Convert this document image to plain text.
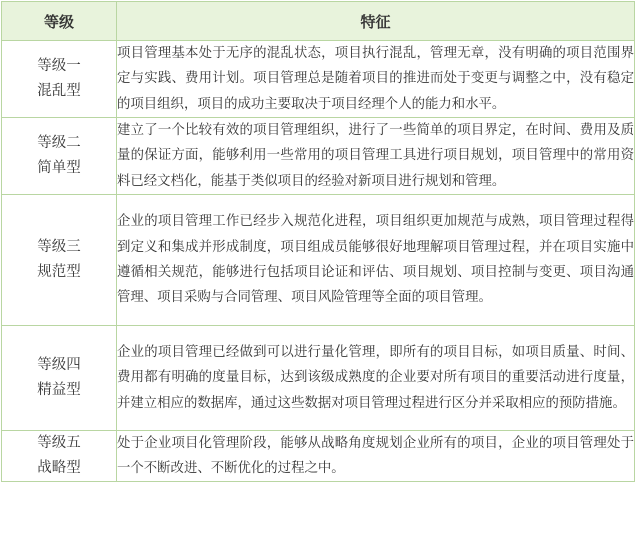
等级	特征

等级一
混乱型	项目管理基本处于无序的混乱状态，项目执行混乱，管理无章，没有明确的项目范围界定与实践、费用计划。项目管理总是随着项目的推进而处于变更与调整之中，没有稳定的项目组织，项目的成功主要取决于项目经理个人的能力和水平。

等级二
简单型	建立了一个比较有效的项目管理组织，进行了一些简单的项目界定，在时间、费用及质量的保证方面，能够利用一些常用的项目管理工具进行项目规划，项目管理中的常用资料已经文档化，能基于类似项目的经验对新项目进行规划和管理。

等级三
规范型	企业的项目管理工作已经步入规范化进程，项目组织更加规范与成熟，项目管理过程得到定义和集成并形成制度，项目组成员能够很好地理解项目管理过程，并在项目实施中遵循相关规范，能够进行包括项目论证和评估、项目规划、项目控制与变更、项目沟通管理、项目采购与合同管理、项目风险管理等全面的项目管理。

等级四
精益型	企业的项目管理已经做到可以进行量化管理，即所有的项目目标，如项目质量、时间、费用都有明确的度量目标，达到该级成熟度的企业要对所有项目的重要活动进行度量，并建立相应的数据库，通过这些数据对项目管理过程进行区分并采取相应的预防措施。

等级五
战略型	处于企业项目化管理阶段，能够从战略角度规划企业所有的项目，企业的项目管理处于一个不断改进、不断优化的过程之中。
